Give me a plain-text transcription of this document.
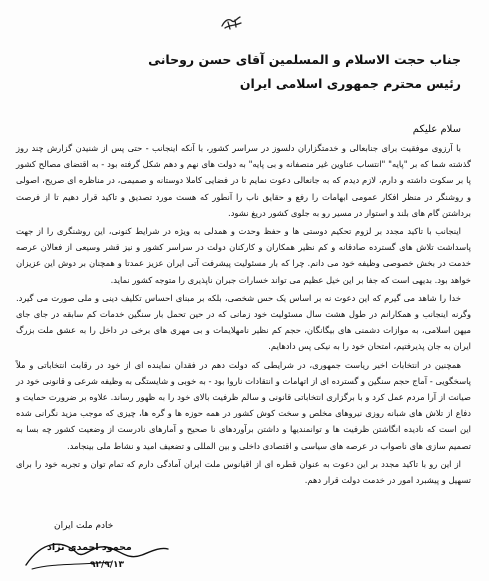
جناب حجت الاسلام و المسلمین آقای حسن روحانی
رئیس محترم جمهوری اسلامی ایران
سلام علیکم
با آرزوی موفقیت برای جنابعالی و خدمتگزاران دلسوز در سراسر کشور، با آنکه اینجانب - حتی پس از شنیدن گزارش چند روز گذشته شما که بر "پایه" "انتساب عناوین غیر منصفانه و بی پایه" به دولت های نهم و دهم شکل گرفته بود - به اقتضای مصالح کشور پا بر سکوت داشته و دارم، لازم دیدم که به جانعالی دعوت نمایم تا در فضایی کاملا دوستانه و صمیمی، در مناظره ای صریح، اصولی و روشنگر در منظر افکار عمومی ابهامات را رفع و حقایق ناب را آنطور که هست مورد تصدیق و تاکید قرار دهیم تا از فرصت برداشتن گام های بلند و استوار در مسیر رو به جلوی کشور دریغ نشود.
اینجانب با تاکید مجدد بر لزوم تحکیم دوستی ها و حفظ وحدت و همدلی به ویژه در شرایط کنونی، این روشنگری را از جهت پاسداشت تلاش های گسترده صادقانه و کم نظیر همکاران و کارکنان دولت در سراسر کشور و نیز قشر وسیعی از فعالان عرصه خدمت در بخش خصوصی وظیفه خود می دانم. چرا که بار مسئولیت پیشرفت آتی ایران عزیز عمدتا و همچنان بر دوش این عزیزان خواهد بود. بدیهی است که جفا بر این خیل عظیم می تواند خسارات جبران ناپذیری را متوجه کشور نماید.
خدا را شاهد می گیرم که این دعوت نه بر اساس یک حس شخصی، بلکه بر مبنای احساس تکلیف دینی و ملی صورت می گیرد. وگرنه اینجانب و همکارانم در طول هشت سال مسئولیت خود زمانی که در حین تحمل بار سنگین خدمات کم سابقه در جای جای میهن اسلامی، به موازات دشمنی های بیگانگان، حجم کم نظیر نامهلایمات و بی مهری های برخی در داخل را به عشق ملت بزرگ ایران به جان پذیرفتیم، امتحان خود را به نیکی پس دادهایم.
همچنین در انتخابات اخیر ریاست جمهوری، در شرایطی که دولت دهم در فقدان نماینده ای از خود در رقابت انتخاباتی و ملاً پاسخگویی - آماج حجم سنگین و گسترده ای از اتهامات و انتقادات ناروا بود - به خوبی و شایستگی به وظیفه شرعی و قانونی خود در صیانت از آرا مردم عمل کرد و با برگزاری انتخاباتی قانونی و سالم ظرفیت بالای خود را به ظهور رساند. علاوه بر ضرورت حمایت و دفاع از تلاش های شبانه روزی نیروهای مخلص و سخت کوش کشور در همه حوزه ها و گره ها، چیزی که موجب مزید نگرانی شده این است که نادیده انگاشتن ظرفیت ها و توانمندیها و داشتن برآوردهای نا صحیح و آمارهای نادرست از وضعیت کشور چه بسا به تصمیم سازی های ناصواب در عرصه های سیاسی و اقتصادی داخلی و بین المللی و تضعیف امید و نشاط ملی بینجامد.
از این رو با تاکید مجدد بر این دعوت به عنوان قطره ای از اقیانوس ملت ایران آمادگی دارم که تمام توان و تجربه خود را برای تسهیل و پیشبرد امور در خدمت دولت قرار دهم.
خادم ملت ایران
محمود احمدی نژاد
۹۲/۹/۱۳
